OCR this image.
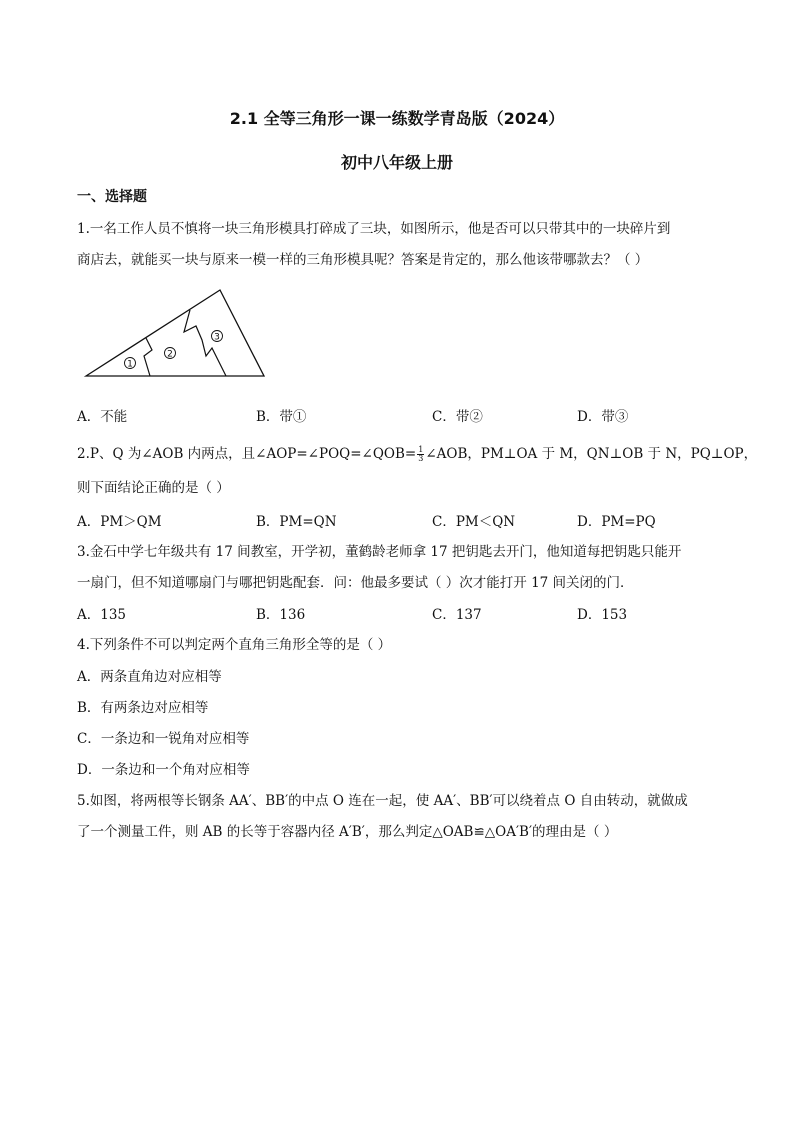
2.1 全等三角形一课一练数学青岛版（2024）
初中八年级上册
一、选择题
1.一名工作人员不慎将一块三角形模具打碎成了三块，如图所示，他是否可以只带其中的一块碎片到
商店去，就能买一块与原来一模一样的三角形模具呢？答案是肯定的，那么他该带哪款去？（ ）
1
2
3
A．不能	B．带①	C．带②	D．带③
2.P、Q 为∠AOB 内两点，且∠AOP=∠POQ=∠QOB= $\frac{1}{3}$ ∠AOB，PM⊥OA 于 M，QN⊥OB 于 N，PQ⊥OP，
则下面结论正确的是（ ）
A．PM＞QM	B．PM=QN	C．PM＜QN	D．PM=PQ
3.金石中学七年级共有 17 间教室，开学初，董鹤龄老师拿 17 把钥匙去开门，他知道每把钥匙只能开
一扇门，但不知道哪扇门与哪把钥匙配套．问：他最多要试（ ）次才能打开 17 间关闭的门．
A．135	B．136	C．137	D．153
4.下列条件不可以判定两个直角三角形全等的是（ ）
A．两条直角边对应相等
B．有两条边对应相等
C．一条边和一锐角对应相等
D．一条边和一个角对应相等
5.如图，将两根等长钢条 AA′、BB′的中点 O 连在一起，使 AA′、BB′可以绕着点 O 自由转动，就做成
了一个测量工件，则 AB 的长等于容器内径 A′B′，那么判定△OAB≌△OA′B′的理由是（ ）
